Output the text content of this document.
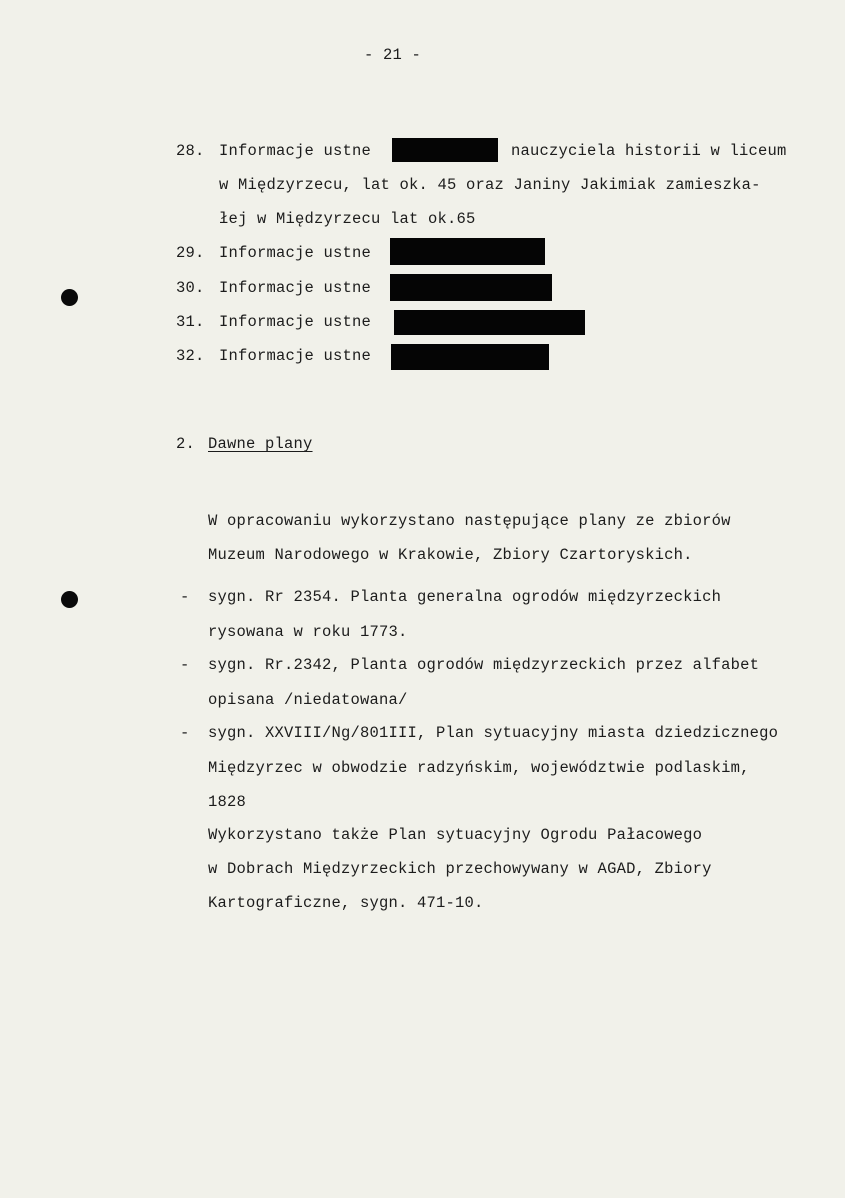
- 21 -
28. Informacje ustne	nauczyciela historii w liceum
w Międzyrzecu, lat ok. 45 oraz Janiny Jakimiak zamieszka-
łej w Międzyrzecu lat ok.65
29. Informacje ustne
30. Informacje ustne
31. Informacje ustne
32. Informacje ustne
2. Dawne plany
W opracowaniu wykorzystano następujące plany ze zbiorów
Muzeum Narodowego w Krakowie, Zbiory Czartoryskich.
- sygn. Rr 2354. Planta generalna ogrodów międzyrzeckich
rysowana w roku 1773.
- sygn. Rr.2342, Planta ogrodów międzyrzeckich przez alfabet
opisana /niedatowana/
- sygn. XXVIII/Ng/801III, Plan sytuacyjny miasta dziedzicznego
Międzyrzec w obwodzie radzyńskim, województwie podlaskim,
1828
Wykorzystano także Plan sytuacyjny Ogrodu Pałacowego
w Dobrach Międzyrzeckich przechowywany w AGAD, Zbiory
Kartograficzne, sygn. 471-10.
